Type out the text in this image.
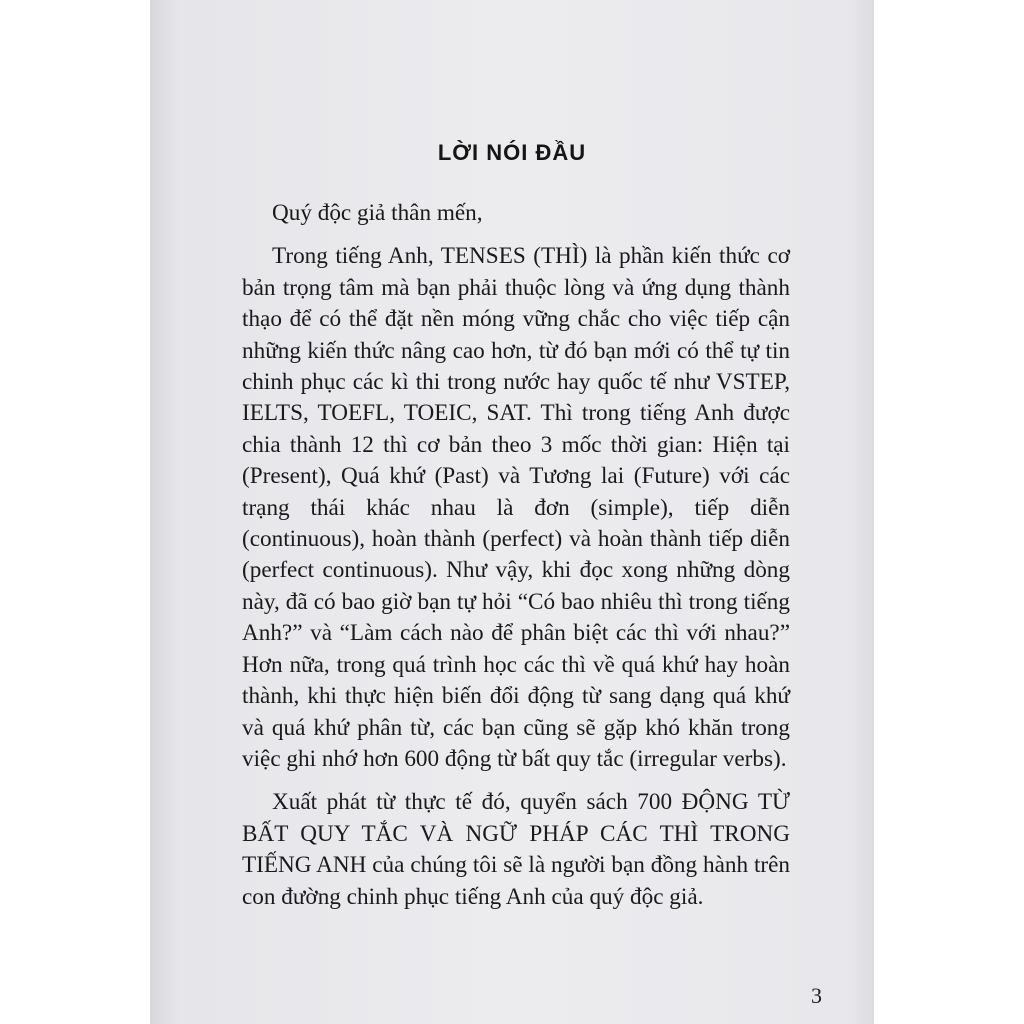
LỜI NÓI ĐẦU

Quý độc giả thân mến,

Trong tiếng Anh, TENSES (THÌ) là phần kiến thức cơ bản trọng tâm mà bạn phải thuộc lòng và ứng dụng thành thạo để có thể đặt nền móng vững chắc cho việc tiếp cận những kiến thức nâng cao hơn, từ đó bạn mới có thể tự tin chinh phục các kì thi trong nước hay quốc tế như VSTEP, IELTS, TOEFL, TOEIC, SAT. Thì trong tiếng Anh được chia thành 12 thì cơ bản theo 3 mốc thời gian: Hiện tại (Present), Quá khứ (Past) và Tương lai (Future) với các trạng thái khác nhau là đơn (simple), tiếp diễn (continuous), hoàn thành (perfect) và hoàn thành tiếp diễn (perfect continuous). Như vậy, khi đọc xong những dòng này, đã có bao giờ bạn tự hỏi “Có bao nhiêu thì trong tiếng Anh?” và “Làm cách nào để phân biệt các thì với nhau?” Hơn nữa, trong quá trình học các thì về quá khứ hay hoàn thành, khi thực hiện biến đổi động từ sang dạng quá khứ và quá khứ phân từ, các bạn cũng sẽ gặp khó khăn trong việc ghi nhớ hơn 600 động từ bất quy tắc (irregular verbs).

Xuất phát từ thực tế đó, quyển sách 700 ĐỘNG TỪ BẤT QUY TẮC VÀ NGỮ PHÁP CÁC THÌ TRONG TIẾNG ANH của chúng tôi sẽ là người bạn đồng hành trên con đường chinh phục tiếng Anh của quý độc giả.

3
